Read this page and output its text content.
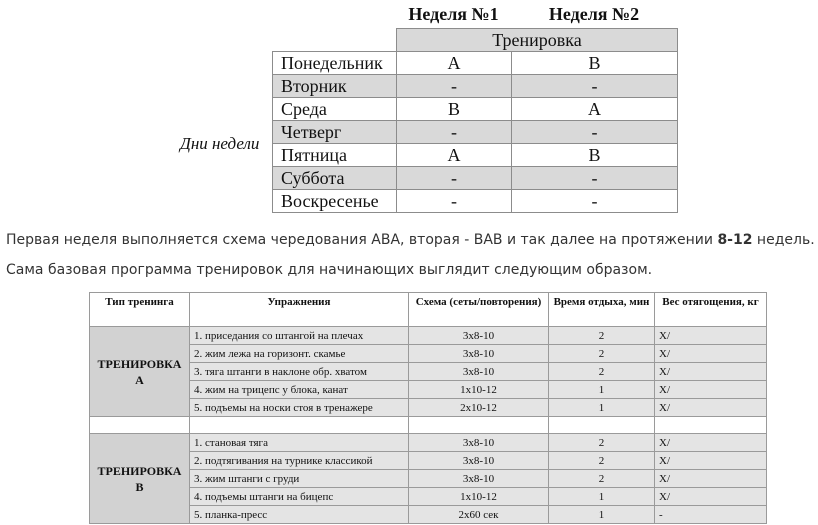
Неделя №1	Неделя №2
	Тренировка	
Понедельник	A	B
Вторник	-	-
Среда	B	A
Четверг	-	-
Пятница	A	B
Суббота	-	-
Воскресенье	-	-
Дни недели
Первая неделя выполняется схема чередования ABA, вторая - BAB и так далее на протяжении 8-12 недель.
Сама базовая программа тренировок для начинающих выглядит следующим образом.
Тип тренинга	Упражнения	Схема (сеты/повторения)	Время отдыха, мин	Вес отягощения, кг
ТРЕНИРОВКА
А	1. приседания со штангой на плечах	3x8-10	2	X/
	2. жим лежа на горизонт. скамье	3x8-10	2	X/
	3. тяга штанги в наклоне обр. хватом	3x8-10	2	X/
	4. жим на трицепс у блока, канат	1x10-12	1	X/
	5. подъемы на носки стоя в тренажере	2x10-12	1	X/

ТРЕНИРОВКА
В	1. становая тяга	3x8-10	2	X/
	2. подтягивания на турнике классикой	3x8-10	2	X/
	3. жим штанги с груди	3x8-10	2	X/
	4. подъемы штанги на бицепс	1x10-12	1	X/
	5. планка-пресс	2x60 сек	1	-
